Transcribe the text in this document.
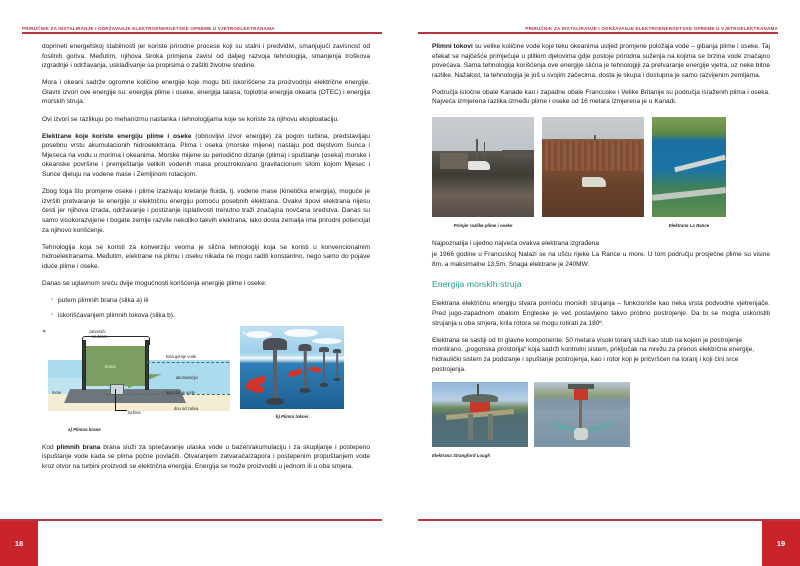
PRIRUČNIK ZA INSTALIRANJE I ODRŽAVANJE ELEKTROENERGETSKE OPREME U VJETROELEKTRANAMA

doprineti energetskoj stabilnosti jer koriste prirodne procese koji su stalni i predvidivi, smanjujući zavisnost od fosilnih goriva. Međutim, njihova široka primjena zavisi od daljeg razvoja tehnologija, smanjenja troškova izgradnje i održavanja, usklađivanje sa propisima o zaštiti životne sredine.

Mora i okeani sadrže ogromne količine energije koje mogu biti iskorišćene za proizvodnju električne energije. Glavni izvori ove energije su: energija plime i oseke, energija talasa, toplotna energija okeana (OTEC) i energija morskih struja.

Ovi izvori se razlikuju po mehanizmu nastanka i tehnologijama koje se koriste za njihovu eksploataciju.

Elektrane koje koriste energiju plime i oseke (obnovljivi izvor energije) za pogon turbina, predstavljaju posebnu vrstu akumulacionih hidroelektrana. Plima i oseka (morske mijene) nastaju pod dejstvom Sunca i Mjeseca na vodu u morima i okeanima. Morske mijene su periodično dizanje (plima) i spuštanje (oseka) morske i okeanske površine i premještanje velikih vodenih masa prouzrokovano gravitacionom silom kojom Mjesec i Sunce djeluju na vodene mase i Zemljinom rotacijom.

Zbog toga što promjene oseke i plime izazivaju kretanje fluida, tj. vodene mase (kinetička energija), moguće je izvršiti pretvaranje te energije u električnu energiju pomoću posebnih elektrana. Ovakvi tipovi elektrana nijesu česti jer njihova izrada, održavanje i postizanje isplativosti trenutno traži značajna novčana sredstva. Danas su samo visokorazvijene i bogate zemlje razvile nekoliko takvih elektrana, iako dosta zemalja ima prirodni potencijal za njihovo korišćenje.

Tehnologija koja se koristi za konverziju veoma je slična tehnologiji koja se koristi u konvencionalnim hidroelektranama. Međutim, elektrane na plimu i oseku nikada ne mogu raditi konstantno, nego samo do pojave iduće plime i oseke.

Danas se uglavnom sreću dvije mogućnosti korišćenja energije plime i oseke:

· putem plimnih brana (slika a) ili
· iskorišćavanjem plimnih tokova (slika b).
a.	zatvarači
na brani
brana
kota gornje vode
akumulacija
kota donje vode
more
turbina
dno od zaliva
a) Plimna brana
b.
b) Plimni tokovi

Kod plimnih brana brana služi za sprečavanje ulaska vode u bazen/akumulaciju i za skupljanje i postepeno ispuštanje vode kada se plima počne povlačiti. Otvaranjem zatvarača/zapora i postepenim propuštanjem vode kroz otvor na turbini proizvodi se električna energija. Energija se može proizvoditi u jednom ili u oba smjera.

18
PRIRUČNIK ZA INSTALIRANJE I ODRŽAVANJE ELEKTROENERGETSKE OPREME U VJETROELEKTRANAMA

Plimni tokovi su velike količine vode koje teku okeanima usljed promjene položaja vode – gibanja plime i oseke. Taj efekat se najčešće primjećuje u plitkim djelovima gdje postoje prirodna suženja na kojima se brzina vode značajno povećava. Sama tehnologija korišćenja ove energije slična je tehnologiji za pretvaranje energije vjetra, uz neke bitne razlike. Nažalost, ta tehnologija je još u svojim začecima, dosta je skupa i dostupna je samo razvijenim zemljama.

Područja istočne obale Kanade kao i zapadne obale Francuske i Velike Britanije su područja israženih plima i oseka. Najveća izmjerena razlika između plime i oseke od 16 metara izmjerena je u Kanadi.

Primjer razlike plime i oseke	Elektrana La Rance

Najpoznatija i ujedno najveća ovakva elektrana izgrađena

je 1966 godine u Francuskoj Nalazi se na ušću rijeke La Rance u more. U tom području prosječne plime su visine 8m, a maksimalne 13,5m. Snaga elektrane je 240MW.

Energija morskih struja

Elektrana električnu energiju stvara pomoću morskih strujanja – funkcioniše kao neka vrsta podvodne vjetrenjače. Pred jugo-zapadnom obalom Engleske je već postavljeno takvo probno postrojenje. Da bi se mogla uskoristiti strujanja u oba smjera, krila rotora se mogu rotirati za 180º.

Elektrana se sastiji od tri glavne komponente: 50 metara visoki toranj služi kao stub na kojem je postrojenje montirano, „pogonska prostorija“ koja sadrži kontrolni sistem, priključak na mrežu za prenos električne energije, hidraulički sistem za podizanje i spuštanje postrojenja, kao i rotor koji je pričvršćen na toranj i koji čini srce postrojenja.

Elektrana Strangford Lough
19
